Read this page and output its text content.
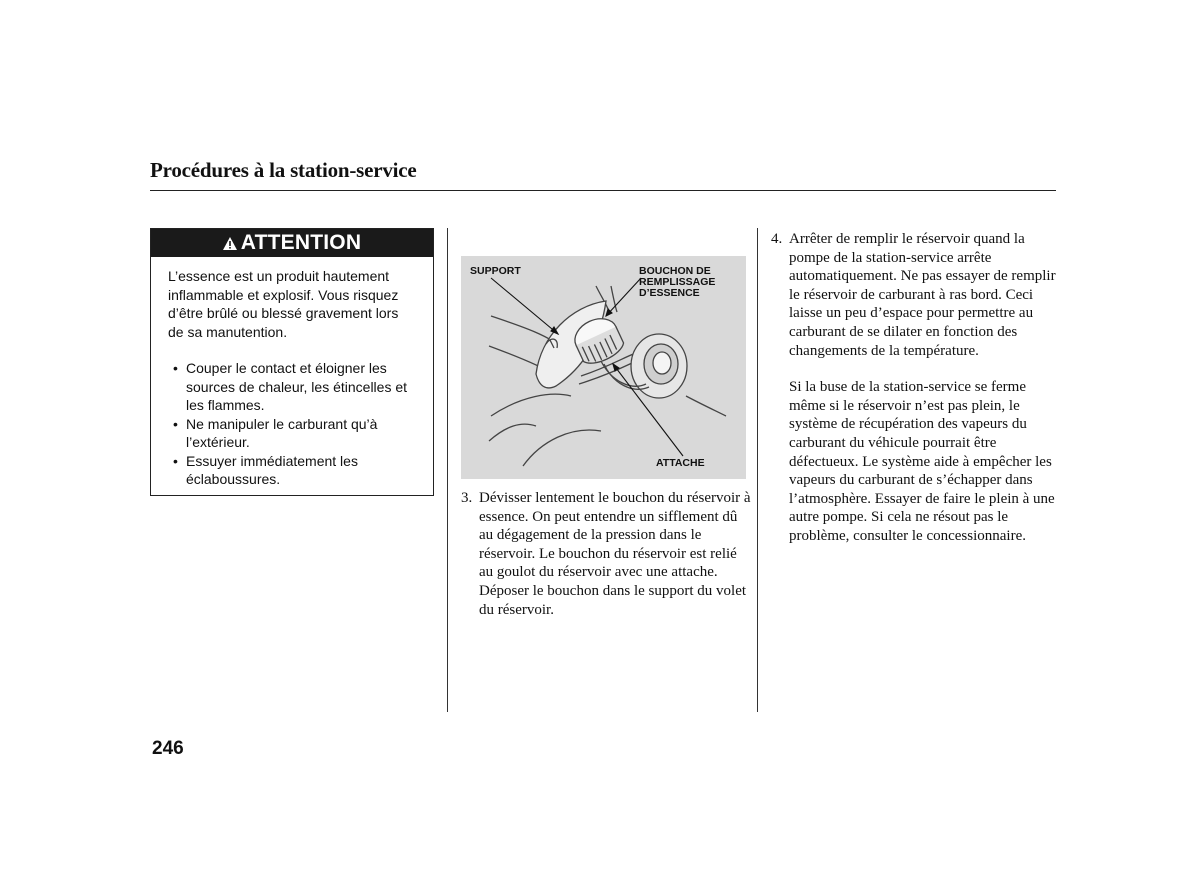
Procédures à la station-service
ATTENTION

L’essence est un produit hautement inflammable et explosif. Vous risquez d’être brûlé ou blessé gravement lors de sa manutention.

• Couper le contact et éloigner les sources de chaleur, les étincelles et les flammes.
• Ne manipuler le carburant qu’à l’extérieur.
• Essuyer immédiatement les éclaboussures.
SUPPORT	BOUCHON DE
REMPLISSAGE
D’ESSENCE
ATTACHE
3. Dévisser lentement le bouchon du réservoir à essence. On peut entendre un sifflement dû au dégagement de la pression dans le réservoir. Le bouchon du réservoir est relié au goulot du réservoir avec une attache. Déposer le bouchon dans le support du volet du réservoir.
4. Arrêter de remplir le réservoir quand la pompe de la station-service arrête automatiquement. Ne pas essayer de remplir le réservoir de carburant à ras bord. Ceci laisse un peu d’espace pour permettre au carburant de se dilater en fonction des changements de la température.
Si la buse de la station-service se ferme même si le réservoir n’est pas plein, le système de récupération des vapeurs du carburant du véhicule pourrait être défectueux. Le système aide à empêcher les vapeurs du carburant de s’échapper dans l’atmosphère. Essayer de faire le plein à une autre pompe. Si cela ne résout pas le problème, consulter le concessionnaire.
246
